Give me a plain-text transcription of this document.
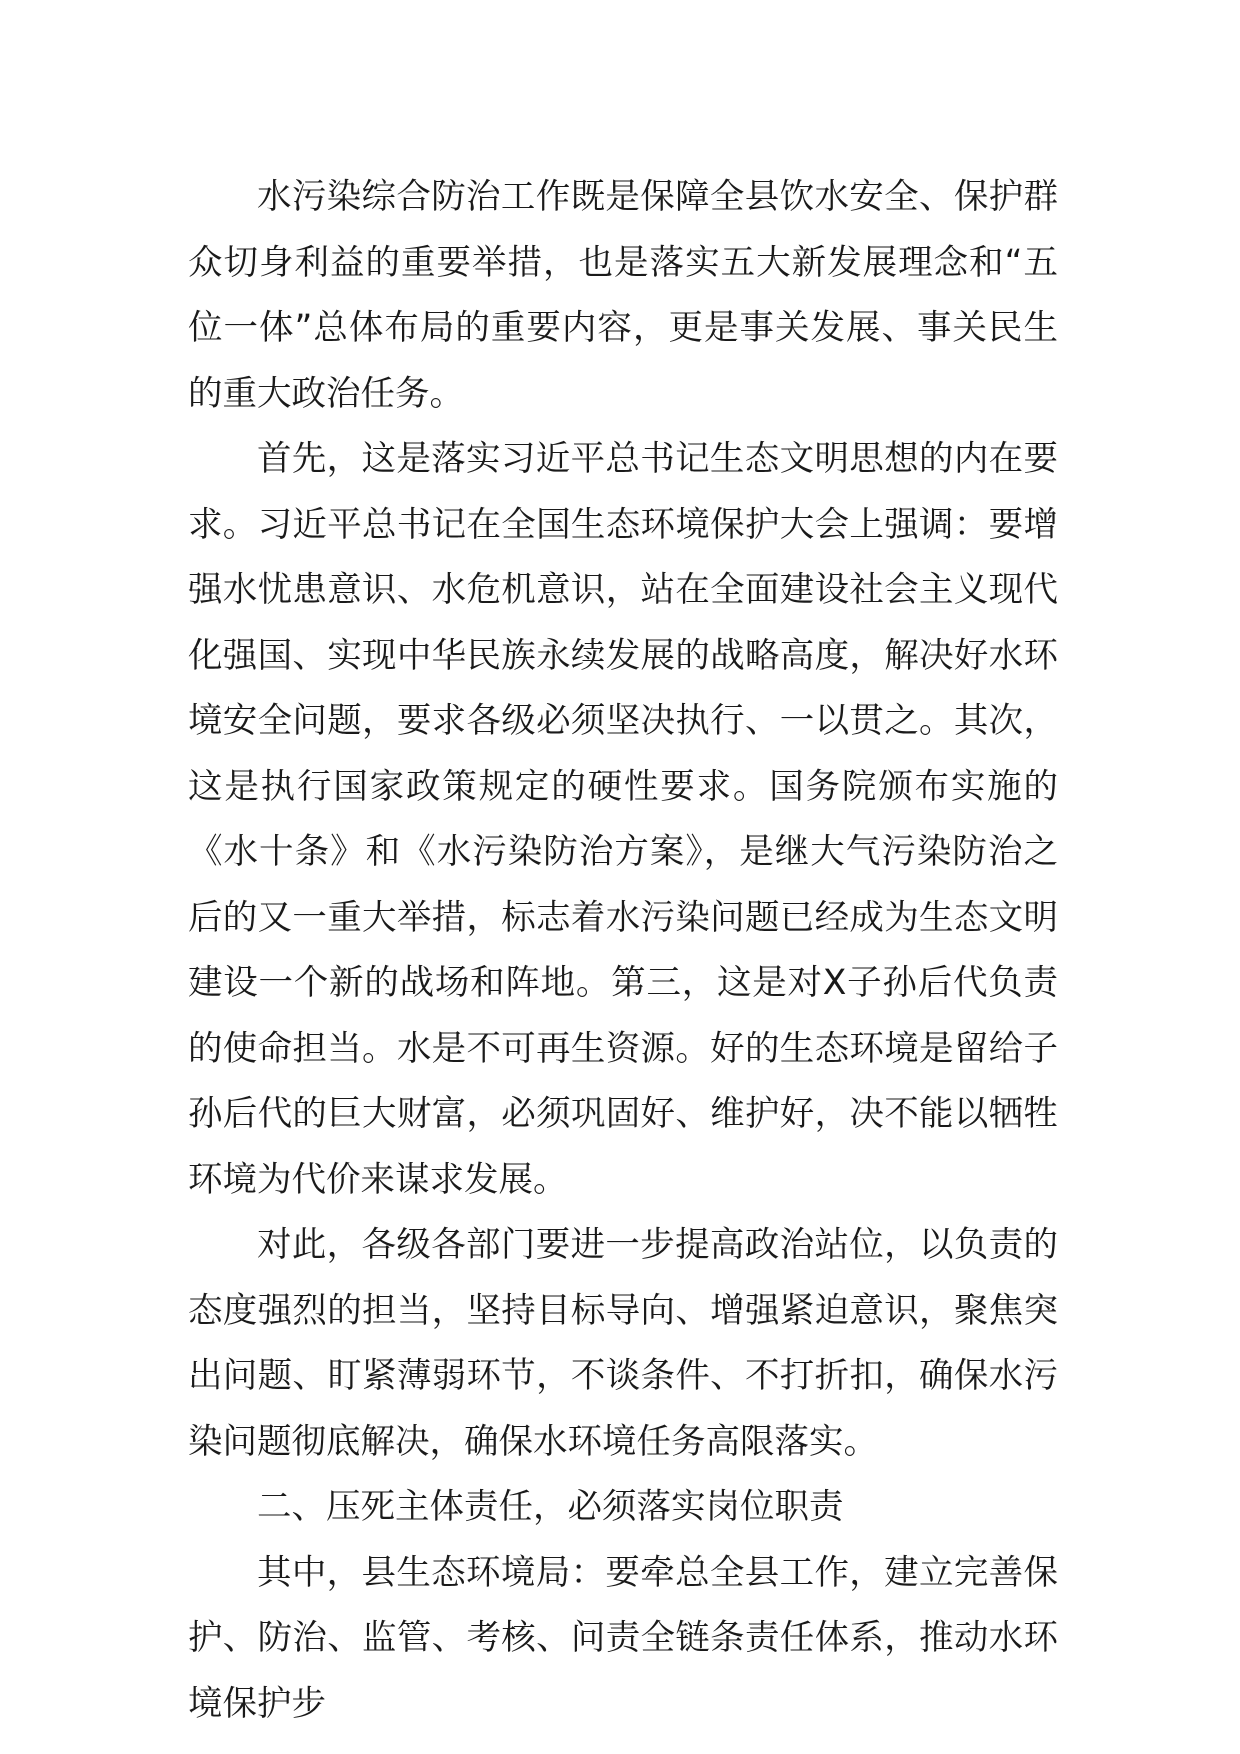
水污染综合防治工作既是保障全县饮水安全、保护群众切身利益的重要举措，也是落实五大新发展理念和“五位一体”总体布局的重要内容，更是事关发展、事关民生的重大政治任务。

首先，这是落实习近平总书记生态文明思想的内在要求。习近平总书记在全国生态环境保护大会上强调：要增强水忧患意识、水危机意识，站在全面建设社会主义现代化强国、实现中华民族永续发展的战略高度，解决好水环境安全问题，要求各级必须坚决执行、一以贯之。其次，这是执行国家政策规定的硬性要求。国务院颁布实施的《水十条》和《水污染防治方案》，是继大气污染防治之后的又一重大举措，标志着水污染问题已经成为生态文明建设一个新的战场和阵地。第三，这是对X子孙后代负责的使命担当。水是不可再生资源。好的生态环境是留给子孙后代的巨大财富，必须巩固好、维护好，决不能以牺牲环境为代价来谋求发展。

对此，各级各部门要进一步提高政治站位，以负责的态度强烈的担当，坚持目标导向、增强紧迫意识，聚焦突出问题、盯紧薄弱环节，不谈条件、不打折扣，确保水污染问题彻底解决，确保水环境任务高限落实。

二、压死主体责任，必须落实岗位职责

其中，县生态环境局：要牵总全县工作，建立完善保护、防治、监管、考核、问责全链条责任体系，推动水环境保护步
